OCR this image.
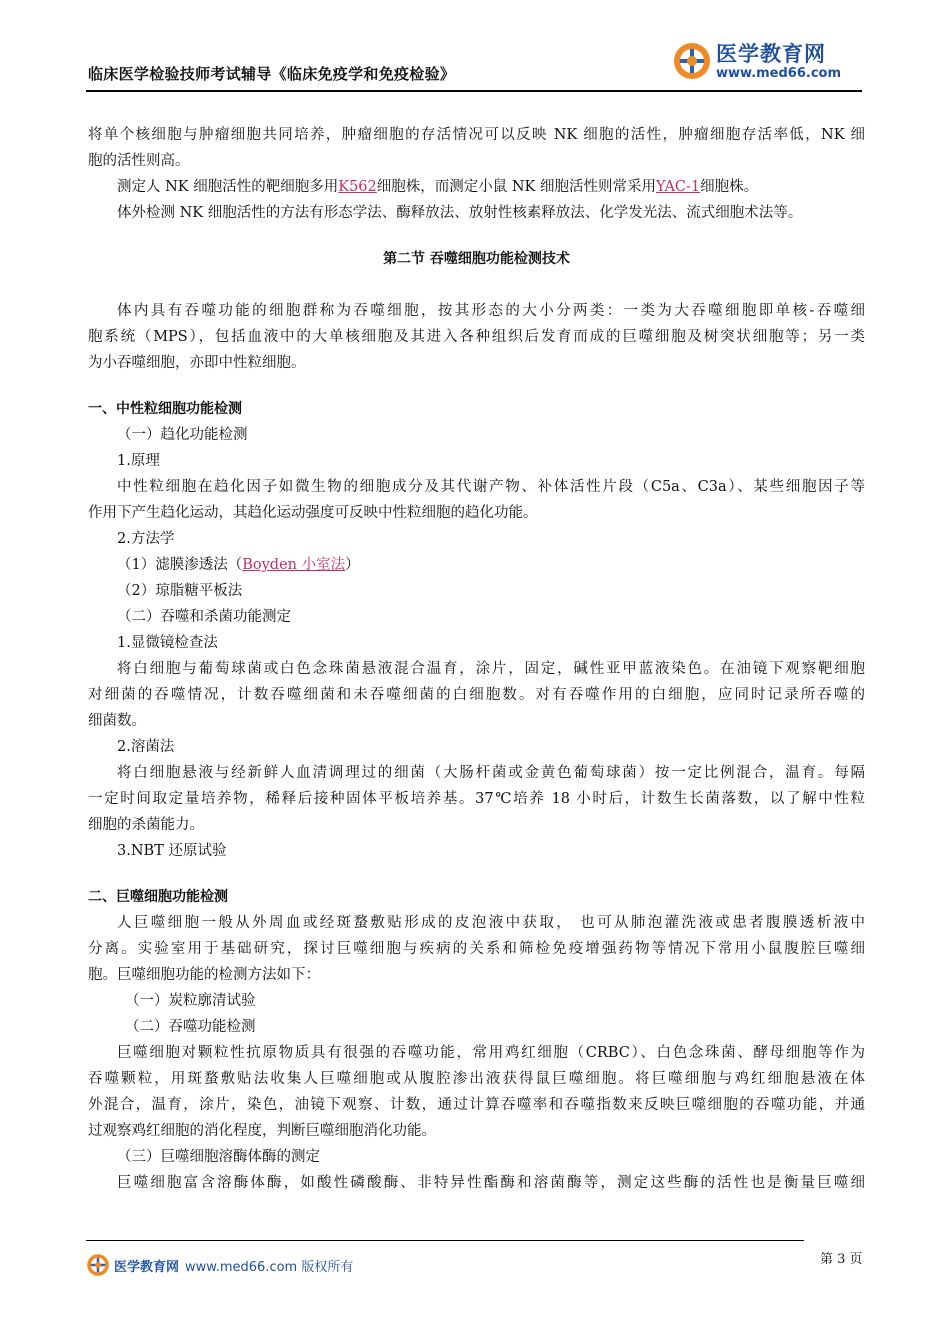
临床医学检验技师考试辅导《临床免疫学和免疫检验》
医学教育网
www.med66.com
将单个核细胞与肿瘤细胞共同培养，肿瘤细胞的存活情况可以反映 NK 细胞的活性，肿瘤细胞存活率低，NK 细
胞的活性则高。
测定人 NK 细胞活性的靶细胞多用K562细胞株，而测定小鼠 NK 细胞活性则常采用YAC-1细胞株。
体外检测 NK 细胞活性的方法有形态学法、酶释放法、放射性核素释放法、化学发光法、流式细胞术法等。
第二节 吞噬细胞功能检测技术
体内具有吞噬功能的细胞群称为吞噬细胞，按其形态的大小分两类：一类为大吞噬细胞即单核-吞噬细
胞系统（MPS），包括血液中的大单核细胞及其进入各种组织后发育而成的巨噬细胞及树突状细胞等；另一类
为小吞噬细胞，亦即中性粒细胞。
一、中性粒细胞功能检测
（一）趋化功能检测
1.原理
中性粒细胞在趋化因子如微生物的细胞成分及其代谢产物、补体活性片段（C5a、C3a）、某些细胞因子等
作用下产生趋化运动，其趋化运动强度可反映中性粒细胞的趋化功能。
2.方法学
（1）滤膜渗透法（Boyden 小室法）
（2）琼脂糖平板法
（二）吞噬和杀菌功能测定
1.显微镜检查法
将白细胞与葡萄球菌或白色念珠菌悬液混合温育，涂片，固定，碱性亚甲蓝液染色。在油镜下观察靶细胞
对细菌的吞噬情况，计数吞噬细菌和未吞噬细菌的白细胞数。对有吞噬作用的白细胞，应同时记录所吞噬的
细菌数。
2.溶菌法
将白细胞悬液与经新鲜人血清调理过的细菌（大肠杆菌或金黄色葡萄球菌）按一定比例混合，温育。每隔
一定时间取定量培养物，稀释后接种固体平板培养基。37℃培养 18 小时后，计数生长菌落数，以了解中性粒
细胞的杀菌能力。
3.NBT 还原试验
二、巨噬细胞功能检测
人巨噬细胞一般从外周血或经斑蝥敷贴形成的皮泡液中获取， 也可从肺泡灌洗液或患者腹膜透析液中
分离。实验室用于基础研究，探讨巨噬细胞与疾病的关系和筛检免疫增强药物等情况下常用小鼠腹腔巨噬细
胞。巨噬细胞功能的检测方法如下：
（一）炭粒廓清试验
（二）吞噬功能检测
巨噬细胞对颗粒性抗原物质具有很强的吞噬功能，常用鸡红细胞（CRBC）、白色念珠菌、酵母细胞等作为
吞噬颗粒，用斑蝥敷贴法收集人巨噬细胞或从腹腔渗出液获得鼠巨噬细胞。将巨噬细胞与鸡红细胞悬液在体
外混合，温育，涂片，染色，油镜下观察、计数，通过计算吞噬率和吞噬指数来反映巨噬细胞的吞噬功能，并通
过观察鸡红细胞的消化程度，判断巨噬细胞消化功能。
（三）巨噬细胞溶酶体酶的测定
巨噬细胞富含溶酶体酶，如酸性磷酸酶、非特异性酯酶和溶菌酶等，测定这些酶的活性也是衡量巨噬细
医学教育网 www.med66.com 版权所有
第 3 页
